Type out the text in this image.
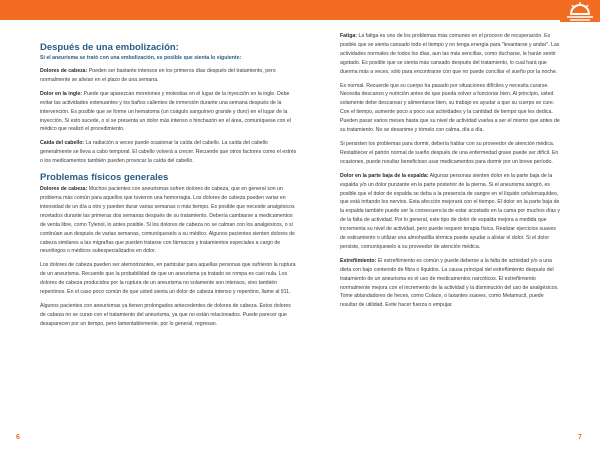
Después de una embolización:
Si el aneurisma se trató con una embolización, es posible que sienta lo siguiente:

Dolores de cabeza: Pueden ser bastante intensos en los primeros días después del tratamiento, pero normalmente se alivian en el plazo de una semana.

Dolor en la ingle: Puede que aparezcan moretones y molestias en el lugar de la inyección en la ingle. Debe evitar las actividades extenuantes y los baños calientes de inmersión durante una semana después de la intervención. Es posible que se forme un hematoma (un coágulo sanguíneo grande y duro) en el lugar de la inyección. Si esto sucede, o si se presenta un dolor más intenso o hinchazón en el área, comuníquese con el médico que realizó el procedimiento.

Caída del cabello: La radiación a veces puede ocasionar la caída del cabello. La caída del cabello generalmente se lleva a cabo temporal. El cabello volverá a crecer. Recuerde que otros factores como el estrés o los medicamentos también pueden provocar la caída del cabello.

Problemas físicos generales

Dolores de cabeza: Muchos pacientes con aneurismas sufren dolores de cabeza, que en general son un problema más común para aquellos que tuvieron una hemorragia. Los dolores de cabeza pueden variar en intensidad de un día a otro y pueden durar varias semanas o más tiempo. Es posible que necesite analgésicos recetados durante las primeras dos semanas después de su tratamiento. Debería cambiarse a medicamentos de venta libre, como Tylenol, lo antes posible. Si los dolores de cabeza no se calman con los analgésicos, o si continúan aun después de varias semanas, comuníqueselo a su médico. Algunos pacientes sienten dolores de cabeza similares a las migrañas que pueden tratarse con fármacos y tratamientos especiales a cargo de neurólogos o médicos subespecializados en dolor.

Los dolores de cabeza pueden ser atemorizantes, en particular para aquellas personas que sufrieron la ruptura de un aneurisma. Recuerde que la probabilidad de que un aneurisma ya tratado se rompa es casi nula. Los dolores de cabeza producidos por la ruptura de un aneurisma no solamente son intensos, sino también repentinos. En el caso poco común de que usted sienta un dolor de cabeza intenso y repentino, llame al 911.

Algunos pacientes con aneurismas ya tienen prolongados antecedentes de dolores de cabeza. Estos dolores de cabeza no se curan con el tratamiento del aneurisma, ya que no están relacionados. Puede parecer que desaparecen por un tiempo, pero lamentablemente, por lo general, regresan.

Fatiga: La fatiga es uno de los problemas más comunes en el proceso de recuperación. Es posible que se sienta cansado todo el tiempo y no tenga energía para "levantarse y andar". Las actividades normales de todos los días, aun las más sencillas, como ducharse, le harán sentir agotado. Es posible que se sienta más cansado después del tratamiento, lo cual hará que duerma más a veces, sólo para encontrarse con que no puede conciliar el sueño por la noche.

Es normal. Recuerde que su cuerpo ha pasado por situaciones difíciles y necesita curarse. Necesita descanso y nutrición antes de que pueda volver a funcionar bien. Al principio, usted solamente debe descansar y alimentarse bien, su trabajo es ayudar a que su cuerpo se cure. Con el tiempo, aumente poco a poco sus actividades y la cantidad de tiempo que les dedica. Pueden pasar varios meses hasta que su nivel de actividad vuelva a ser el mismo que antes de su tratamiento. No se desanime y tómelo con calma, día a día.

Si persisten los problemas para dormir, debería hablar con su proveedor de atención médica. Restablecer el patrón normal de sueño después de una enfermedad grave puede ser difícil. En ocasiones, puede resultar beneficioso usar medicamentos para dormir por un breve período.

Dolor en la parte baja de la espalda: Algunas personas sienten dolor en la parte baja de la espalda y/o un dolor punzante en la parte posterior de la pierna. Si el aneurisma sangró, es posible que el dolor de espalda se deba a la presencia de sangre en el líquido cefalorraquídeo, que está irritando los nervios. Esta afección mejorará con el tiempo. El dolor en la parte baja de la espalda también puede ser la consecuencia de estar acostado en la cama por muchos días y de la falta de actividad. Por lo general, este tipo de dolor de espalda mejora a medida que incrementa su nivel de actividad, pero puede requerir terapia física. Realizar ejercicios suaves de estiramiento o utilizar una almohadilla térmica puede ayudar a aliviar el dolor. Si el dolor persiste, comuníqueselo a su proveedor de atención médica.

Estreñimiento: El estreñimiento es común y puede deberse a la falta de actividad y/o a una dieta con bajo contenido de fibra o líquidos. La causa principal del estreñimiento después del tratamiento de un aneurisma es el uso de medicamentos narcóticos. El estreñimiento normalmente mejora con el incremento de la actividad y la disminución del uso de analgésicos. Tome ablandadores de heces, como Colace, o laxantes suaves, como Metamucil, puede resultar de utilidad. Evite hacer fuerza o empujar.

6	7
